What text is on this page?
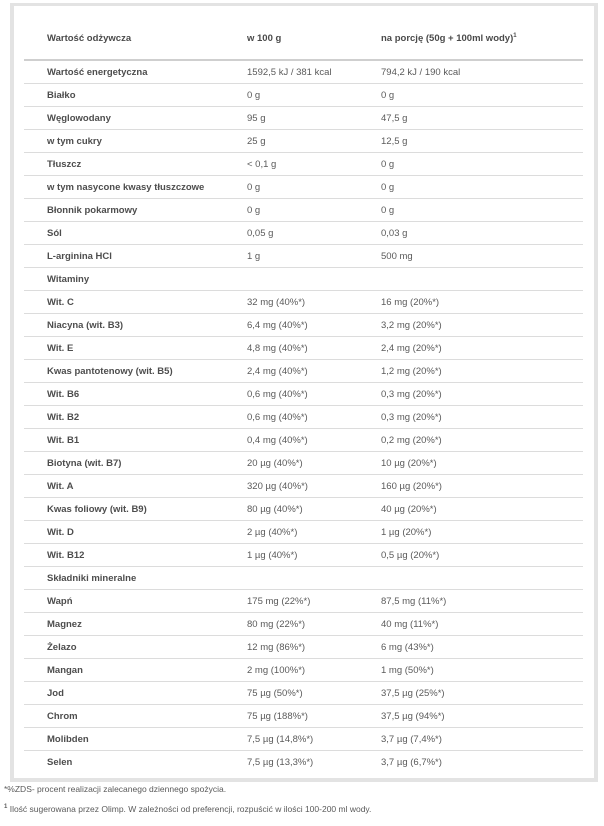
Wartość odżywcza	w 100 g	na porcję (50g + 100ml wody)$^1$
Wartość energetyczna	1592,5 kJ / 381 kcal	794,2 kJ / 190 kcal
Białko	0 g	0 g
Węglowodany	95 g	47,5 g
w tym cukry	25 g	12,5 g
Tłuszcz	< 0,1 g	0 g
w tym nasycone kwasy tłuszczowe	0 g	0 g
Błonnik pokarmowy	0 g	0 g
Sól	0,05 g	0,03 g
L-arginina HCl	1 g	500 mg
Witaminy		
Wit. C	32 mg (40%*)	16 mg (20%*)
Niacyna (wit. B3)	6,4 mg (40%*)	3,2 mg (20%*)
Wit. E	4,8 mg (40%*)	2,4 mg (20%*)
Kwas pantotenowy (wit. B5)	2,4 mg (40%*)	1,2 mg (20%*)
Wit. B6	0,6 mg (40%*)	0,3 mg (20%*)
Wit. B2	0,6 mg (40%*)	0,3 mg (20%*)
Wit. B1	0,4 mg (40%*)	0,2 mg (20%*)
Biotyna (wit. B7)	20 µg (40%*)	10 µg (20%*)
Wit. A	320 µg (40%*)	160 µg (20%*)
Kwas foliowy (wit. B9)	80 µg (40%*)	40 µg (20%*)
Wit. D	2 µg (40%*)	1 µg (20%*)
Wit. B12	1 µg (40%*)	0,5 µg (20%*)
Składniki mineralne		
Wapń	175 mg (22%*)	87,5 mg (11%*)
Magnez	80 mg (22%*)	40 mg (11%*)
Żelazo	12 mg (86%*)	6 mg (43%*)
Mangan	2 mg (100%*)	1 mg (50%*)
Jod	75 µg (50%*)	37,5 µg (25%*)
Chrom	75 µg (188%*)	37,5 µg (94%*)
Molibden	7,5 µg (14,8%*)	3,7 µg (7,4%*)
Selen	7,5 µg (13,3%*)	3,7 µg (6,7%*)
*%ZDS- procent realizacji zalecanego dziennego spożycia.
$^1$ Ilość sugerowana przez Olimp. W zależności od preferencji, rozpuścić w ilości 100-200 ml wody.
